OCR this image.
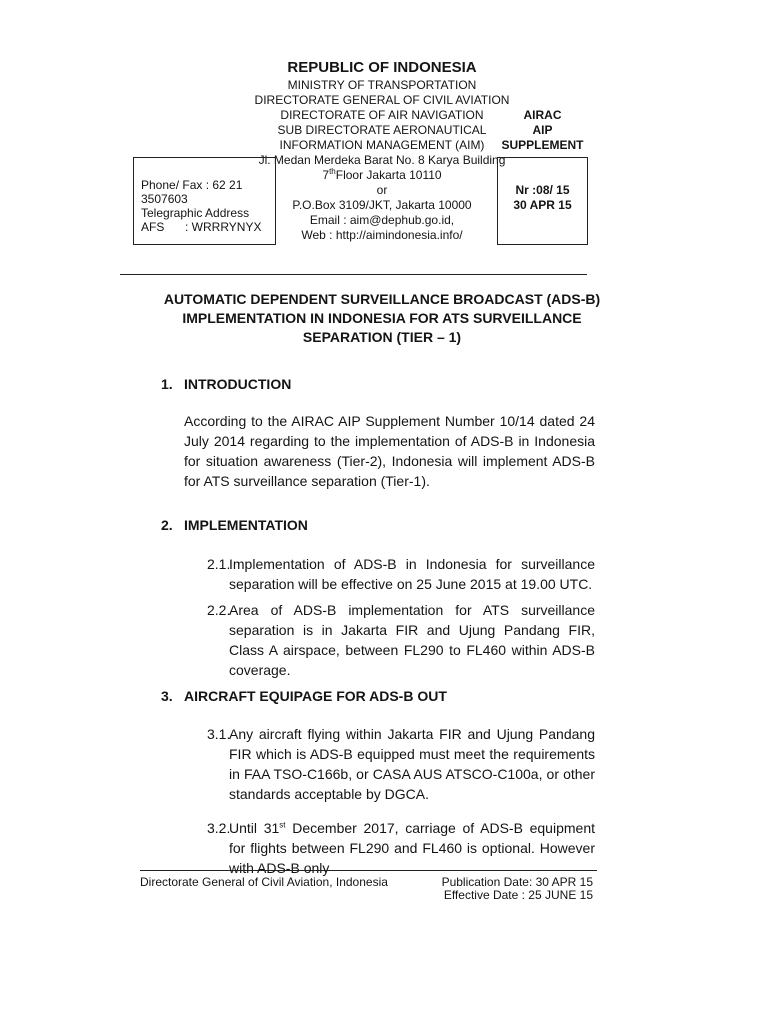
REPUBLIC OF INDONESIA
MINISTRY OF TRANSPORTATION
DIRECTORATE GENERAL OF CIVIL AVIATION
DIRECTORATE OF AIR NAVIGATION
SUB DIRECTORATE AERONAUTICAL
INFORMATION MANAGEMENT (AIM)
Jl. Medan Merdeka Barat No. 8 Karya Building
7thFloor Jakarta 10110
or
P.O.Box 3109/JKT, Jakarta 10000
Email : aim@dephub.go.id,
Web : http://aimindonesia.info/
Phone/ Fax : 62 21 3507603
Telegraphic Address
AFS : WRRRYNYX
AIRAC
AIP
SUPPLEMENT
Nr :08/ 15
30 APR 15
AUTOMATIC DEPENDENT SURVEILLANCE BROADCAST (ADS-B)
IMPLEMENTATION IN INDONESIA FOR ATS SURVEILLANCE
SEPARATION (TIER – 1)
1. INTRODUCTION
According to the AIRAC AIP Supplement Number 10/14 dated 24 July 2014 regarding to the implementation of ADS-B in Indonesia for situation awareness (Tier-2), Indonesia will implement ADS-B for ATS surveillance separation (Tier-1).
2. IMPLEMENTATION
2.1.
Implementation of ADS-B in Indonesia for surveillance separation will be effective on 25 June 2015 at 19.00 UTC.
2.2.
Area of ADS-B implementation for ATS surveillance separation is in Jakarta FIR and Ujung Pandang FIR, Class A airspace, between FL290 to FL460 within ADS-B coverage.
3. AIRCRAFT EQUIPAGE FOR ADS-B OUT
3.1.
Any aircraft flying within Jakarta FIR and Ujung Pandang FIR which is ADS-B equipped must meet the requirements in FAA TSO-C166b, or CASA AUS ATSCO-C100a, or other standards acceptable by DGCA.
3.2.
Until 31st December 2017, carriage of ADS-B equipment for flights between FL290 and FL460 is optional. However with ADS-B only
Directorate General of Civil Aviation, Indonesia	Publication Date: 30 APR 15
Effective Date : 25 JUNE 15
